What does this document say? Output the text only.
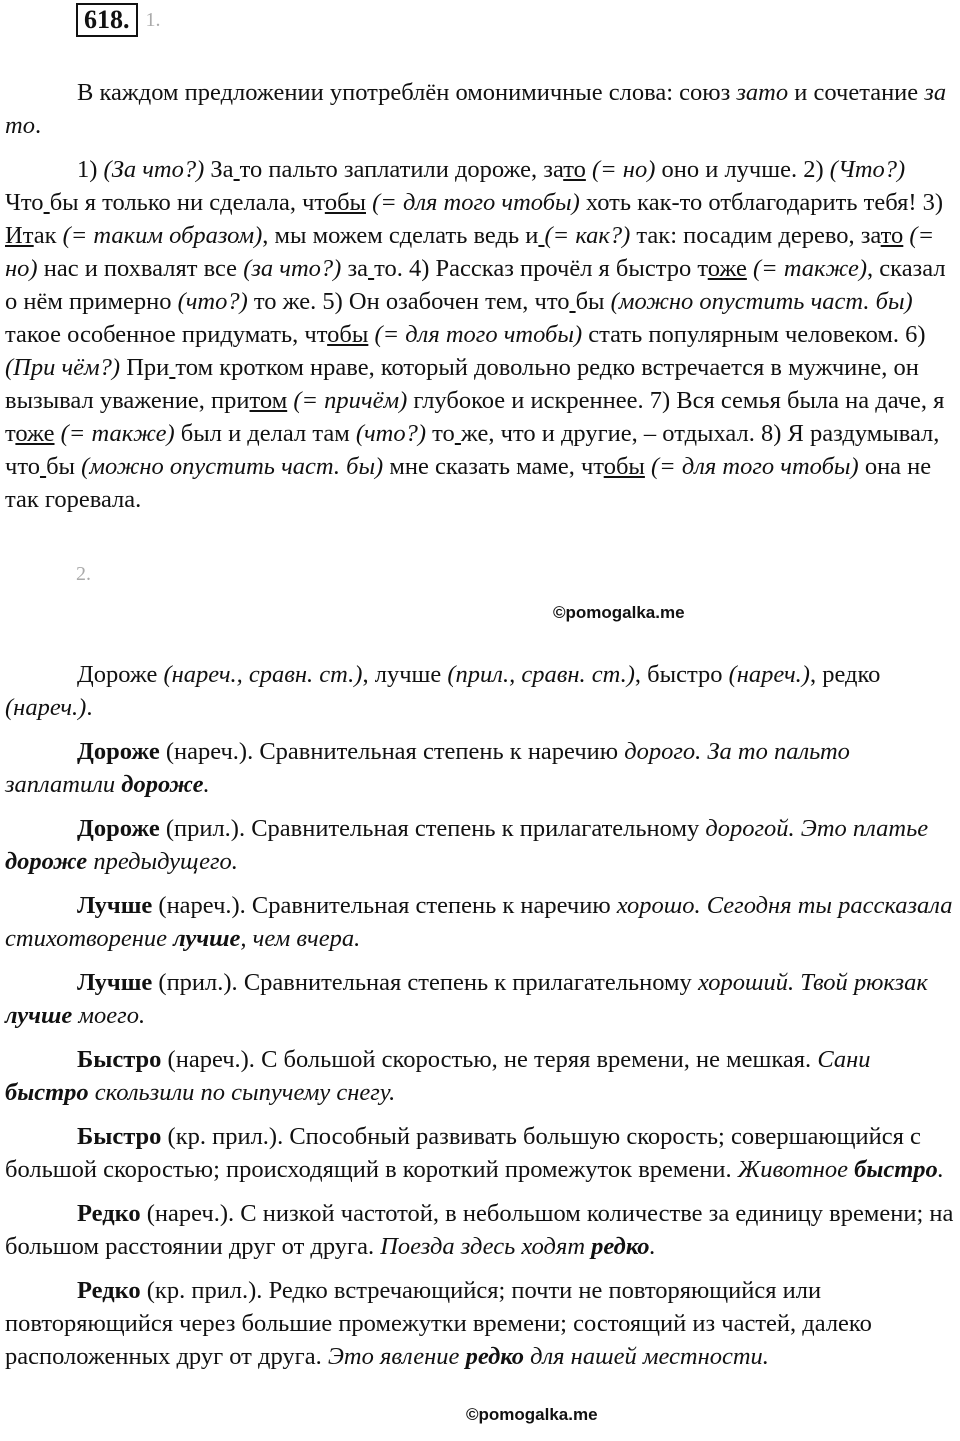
618. 1.

В каждом предложении употреблён омонимичные слова: союз зато и сочетание за то.

1) (За что?) За то пальто заплатили дороже, зато (= но) оно и лучше. 2) (Что?) Что бы я только ни сделала, чтобы (= для того чтобы) хоть как-то отблагодарить тебя! 3) Итак (= таким образом), мы можем сделать ведь и (= как?) так: посадим дерево, зато (= но) нас и похвалят все (за что?) за то. 4) Рассказ прочёл я быстро тоже (= также), сказал о нём примерно (что?) то же. 5) Он озабочен тем, что бы (можно опустить част. бы) такое особенное придумать, чтобы (= для того чтобы) стать популярным человеком. 6) (При чём?) При том кротком нраве, который довольно редко встречается в мужчине, он вызывал уважение, притом (= причём) глубокое и искреннее. 7) Вся семья была на даче, я тоже (= также) был и делал там (что?) то же, что и другие, – отдыхал. 8) Я раздумывал, что бы (можно опустить част. бы) мне сказать маме, чтобы (= для того чтобы) она не так горевала.

2.
©pomogalka.me

Дороже (нареч., сравн. ст.), лучше (прил., сравн. ст.), быстро (нареч.), редко (нареч.).

Дороже (нареч.). Сравнительная степень к наречию дорого. За то пальто заплатили дороже.

Дороже (прил.). Сравнительная степень к прилагательному дорогой. Это платье дороже предыдущего.

Лучше (нареч.). Сравнительная степень к наречию хорошо. Сегодня ты рассказала стихотворение лучше, чем вчера.

Лучше (прил.). Сравнительная степень к прилагательному хороший. Твой рюкзак лучше моего.

Быстро (нареч.). С большой скоростью, не теряя времени, не мешкая. Сани быстро скользили по сыпучему снегу.

Быстро (кр. прил.). Способный развивать большую скорость; совершающийся с большой скоростью; происходящий в короткий промежуток времени. Животное быстро.

Редко (нареч.). С низкой частотой, в небольшом количестве за единицу времени; на большом расстоянии друг от друга. Поезда здесь ходят редко.

Редко (кр. прил.). Редко встречающийся; почти не повторяющийся или повторяющийся через большие промежутки времени; состоящий из частей, далеко расположенных друг от друга. Это явление редко для нашей местности.

©pomogalka.me
